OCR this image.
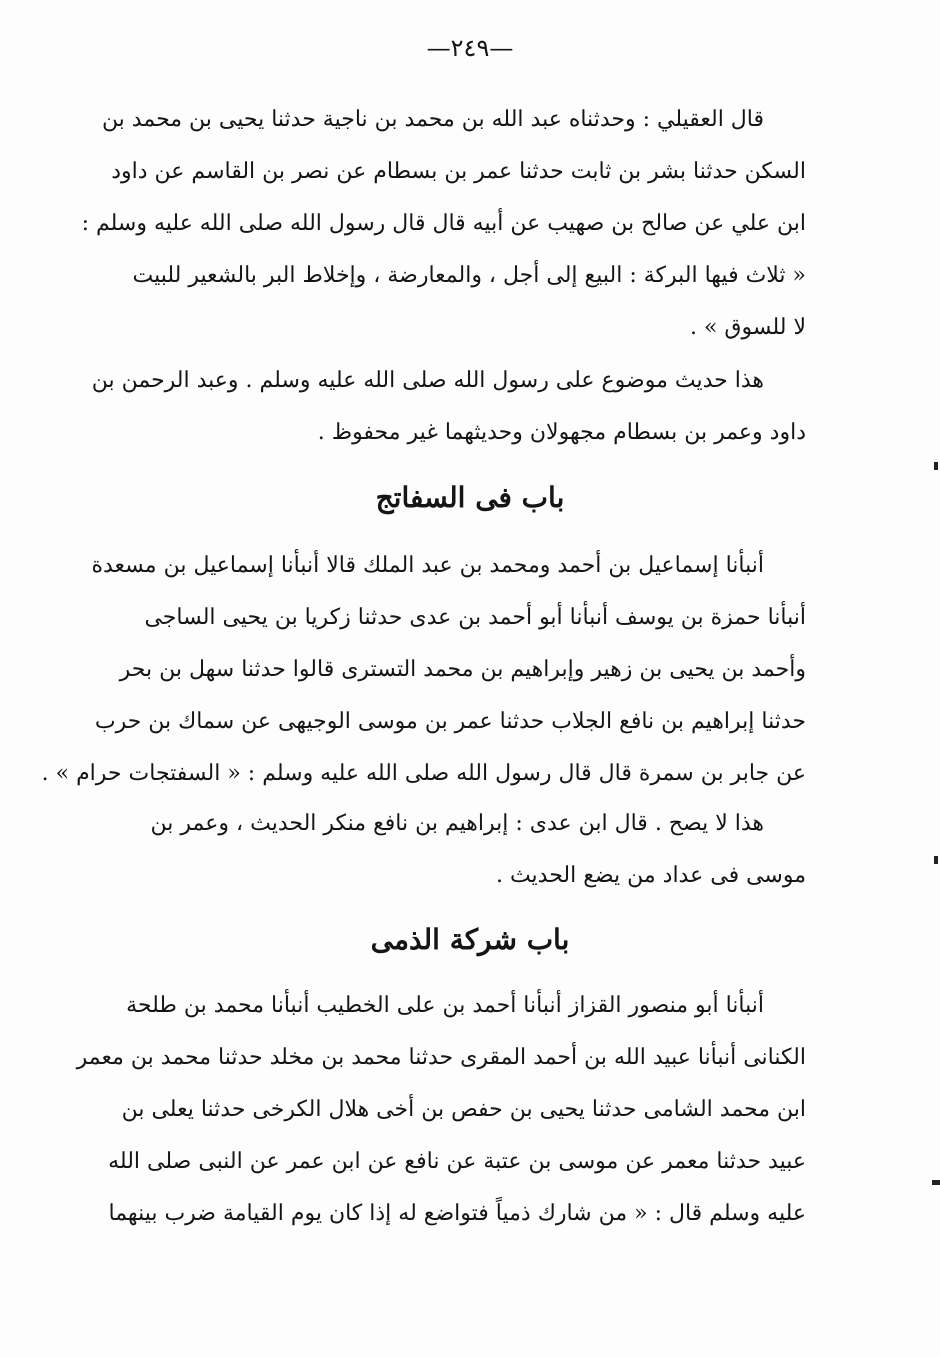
—٢٤٩—
قال العقيلي : وحدثناه عبد الله بن محمد بن ناجية حدثنا يحيى بن محمد بن
السكن حدثنا بشر بن ثابت حدثنا عمر بن بسطام عن نصر بن القاسم عن داود
ابن علي عن صالح بن صهيب عن أبيه قال قال رسول الله صلى الله عليه وسلم :
« ثلاث فيها البركة : البيع إلى أجل ، والمعارضة ، وإخلاط البر بالشعير للبيت
لا للسوق » .
هذا حديث موضوع على رسول الله صلى الله عليه وسلم . وعبد الرحمن بن
داود وعمر بن بسطام مجهولان وحديثهما غير محفوظ .
باب فى السفاتج
أنبأنا إسماعيل بن أحمد ومحمد بن عبد الملك قالا أنبأنا إسماعيل بن مسعدة
أنبأنا حمزة بن يوسف أنبأنا أبو أحمد بن عدى حدثنا زكريا بن يحيى الساجى
وأحمد بن يحيى بن زهير وإبراهيم بن محمد التسترى قالوا حدثنا سهل بن بحر
حدثنا إبراهيم بن نافع الجلاب حدثنا عمر بن موسى الوجيهى عن سماك بن حرب
عن جابر بن سمرة قال قال رسول الله صلى الله عليه وسلم : « السفتجات حرام » .
هذا لا يصح . قال ابن عدى : إبراهيم بن نافع منكر الحديث ، وعمر بن
موسى فى عداد من يضع الحديث .
باب شركة الذمى
أنبأنا أبو منصور القزاز أنبأنا أحمد بن على الخطيب أنبأنا محمد بن طلحة
الكنانى أنبأنا عبيد الله بن أحمد المقرى حدثنا محمد بن مخلد حدثنا محمد بن معمر
ابن محمد الشامى حدثنا يحيى بن حفص بن أخى هلال الكرخى حدثنا يعلى بن
عبيد حدثنا معمر عن موسى بن عتبة عن نافع عن ابن عمر عن النبى صلى الله
عليه وسلم قال : « من شارك ذمياً فتواضع له إذا كان يوم القيامة ضرب بينهما
